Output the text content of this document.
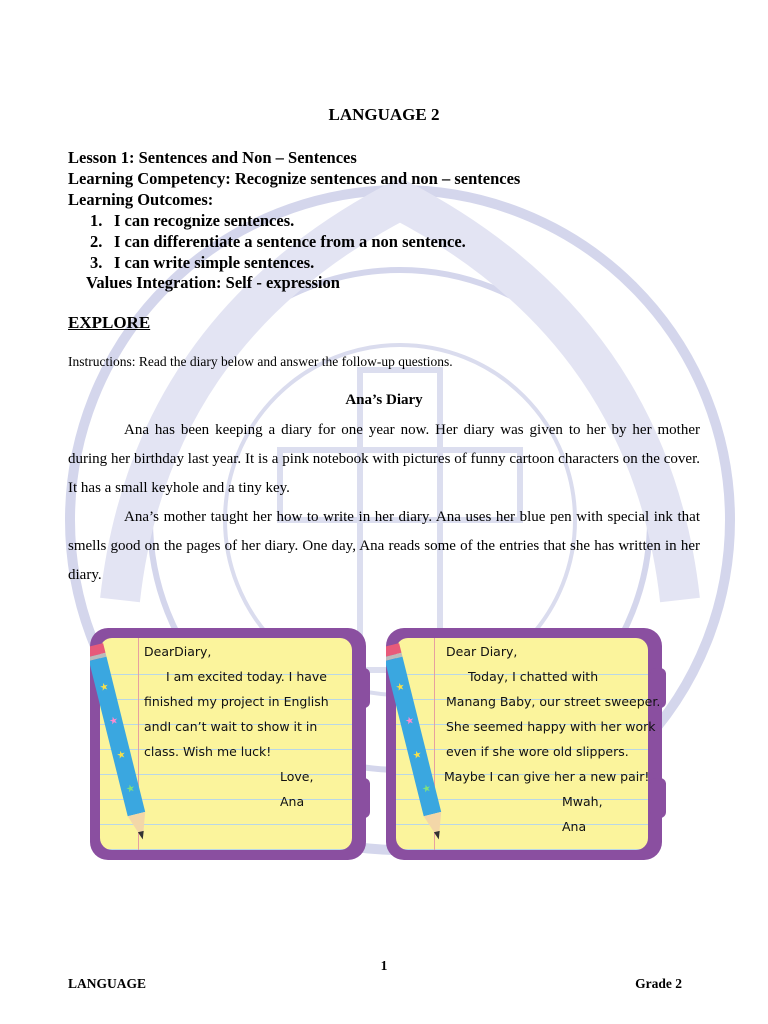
LANGUAGE 2
Lesson 1: Sentences and Non – Sentences
Learning Competency: Recognize sentences and non – sentences
Learning Outcomes:
1. I can recognize sentences.
2. I can differentiate a sentence from a non sentence.
3. I can write simple sentences.
Values Integration: Self - expression
EXPLORE
Instructions: Read the diary below and answer the follow-up questions.
Ana’s Diary
Ana has been keeping a diary for one year now. Her diary was given to her by her mother during her birthday last year. It is a pink notebook with pictures of funny cartoon characters on the cover. It has a small keyhole and a tiny key.
Ana’s mother taught her how to write in her diary. Ana uses her blue pen with special ink that smells good on the pages of her diary. One day, Ana reads some of the entries that she has written in her diary.
★
★
★
★
DearDiary,
I am excited today. I have
finished my project in English
andI can’t wait to show it in
class. Wish me luck!
Love,
Ana
★
★
★
★
Dear Diary,
Today, I chatted with
Manang Baby, our street sweeper.
She seemed happy with her work
even if she wore old slippers.
Maybe I can give her a new pair!
Mwah,
Ana
1
LANGUAGE	Grade 2
